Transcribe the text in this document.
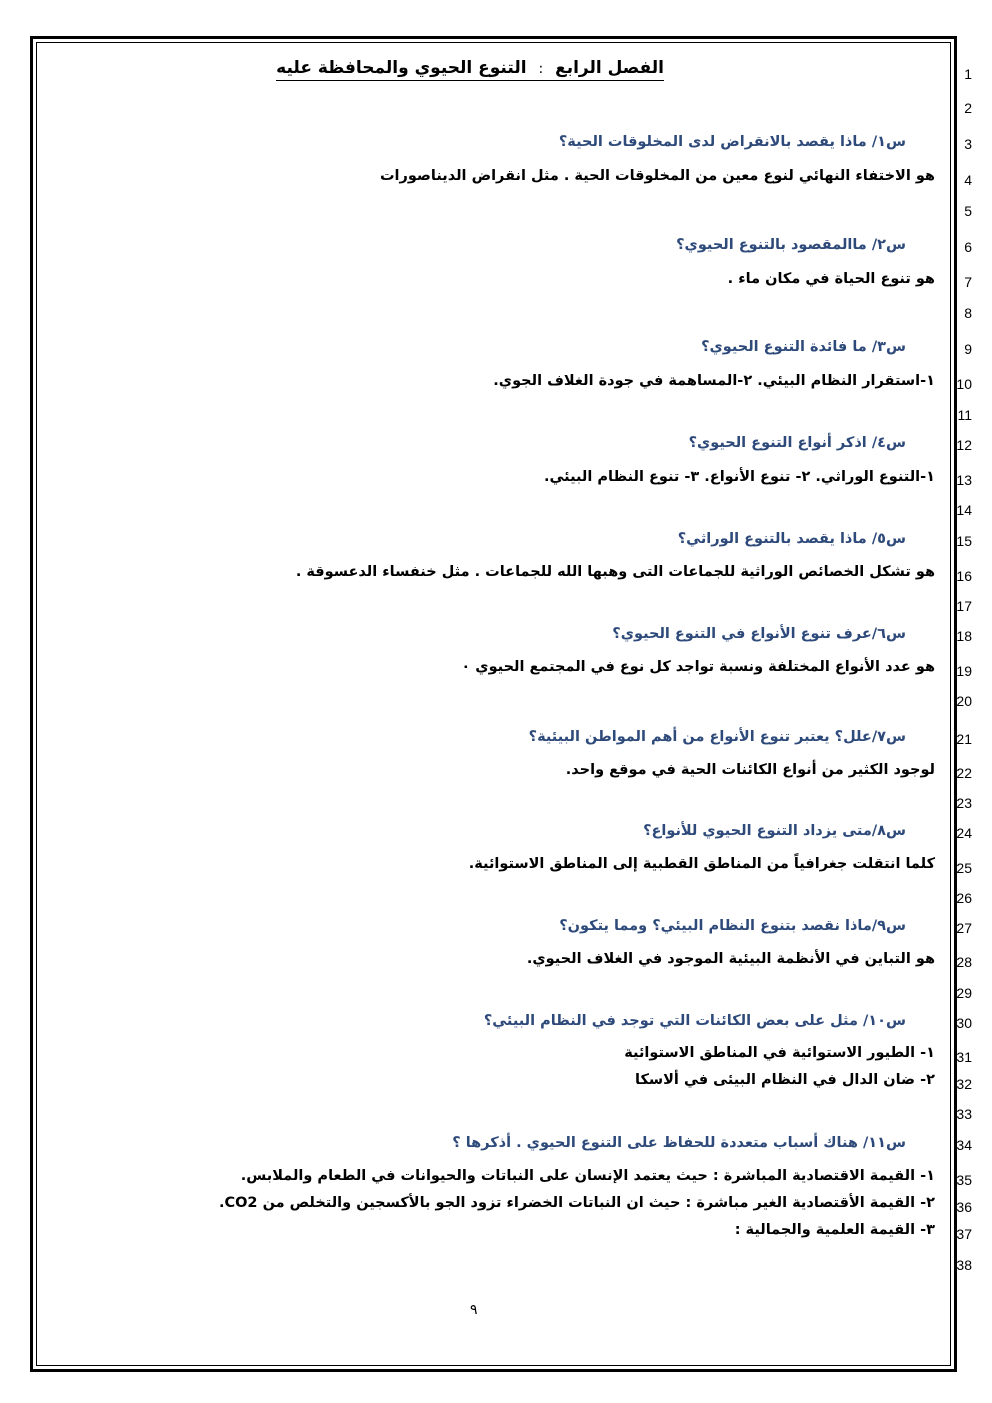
الفصل الرابع : التنوع الحيوي والمحافظة عليه	1
2
3
4
5
6
7
8
9
10
11
12
13
14
15
16
17
18
19
20
21
22
23
24
25
26
27
28
29
30
31
32
33
34
35
36
37
38
س١/ ماذا يقصد بالانقراض لدى المخلوقات الحية؟
س٢/ ماالمقصود بالتنوع الحيوي؟
س٣/ ما فائدة التنوع الحيوي؟
س٤/ اذكر أنواع التنوع الحيوي؟
س٥/ ماذا يقصد بالتنوع الوراثي؟
س٦/عرف تنوع الأنواع في التنوع الحيوي؟
س٧/علل؟ يعتبر تنوع الأنواع من أهم المواطن البيئية؟
س٨/متى يزداد التنوع الحيوي للأنواع؟
س٩/ماذا نقصد بتنوع النظام البيئي؟ ومما يتكون؟
س١٠/ مثل على بعض الكائنات التي توجد في النظام البيئي؟
س١١/ هناك أسباب متعددة للحفاظ على التنوع الحيوي . أذكرها ؟
هو الاختفاء النهائي لنوع معين من المخلوقات الحية . مثل انقراض الديناصورات
هو تنوع الحياة في مكان ماء .
١-استقرار النظام البيئي. ٢-المساهمة في جودة الغلاف الجوي.
١-التنوع الوراثي. ٢- تنوع الأنواع. ٣- تنوع النظام البيئي.
هو تشكل الخصائص الوراثية للجماعات التى وهبها الله للجماعات . مثل خنفساء الدعسوقة .
هو عدد الأنواع المختلفة ونسبة تواجد كل نوع في المجتمع الحيوي ٠
لوجود الكثير من أنواع الكائنات الحية في موقع واحد.
كلما انتقلت جغرافياً من المناطق القطبية إلى المناطق الاستوائية.
هو التباين في الأنظمة البيئية الموجود في الغلاف الحيوي.
١- الطيور الاستوائية في المناطق الاستوائية
٢- ضان الدال في النظام البيئى في ألاسكا
١- القيمة الاقتصادية المباشرة : حيث يعتمد الإنسان على النباتات والحيوانات في الطعام والملابس.
٢- القيمة الأقتصادية الغير مباشرة : حيث ان النباتات الخضراء تزود الجو بالأكسجين والتخلص من CO2.
٣- القيمة العلمية والجمالية :
٩
